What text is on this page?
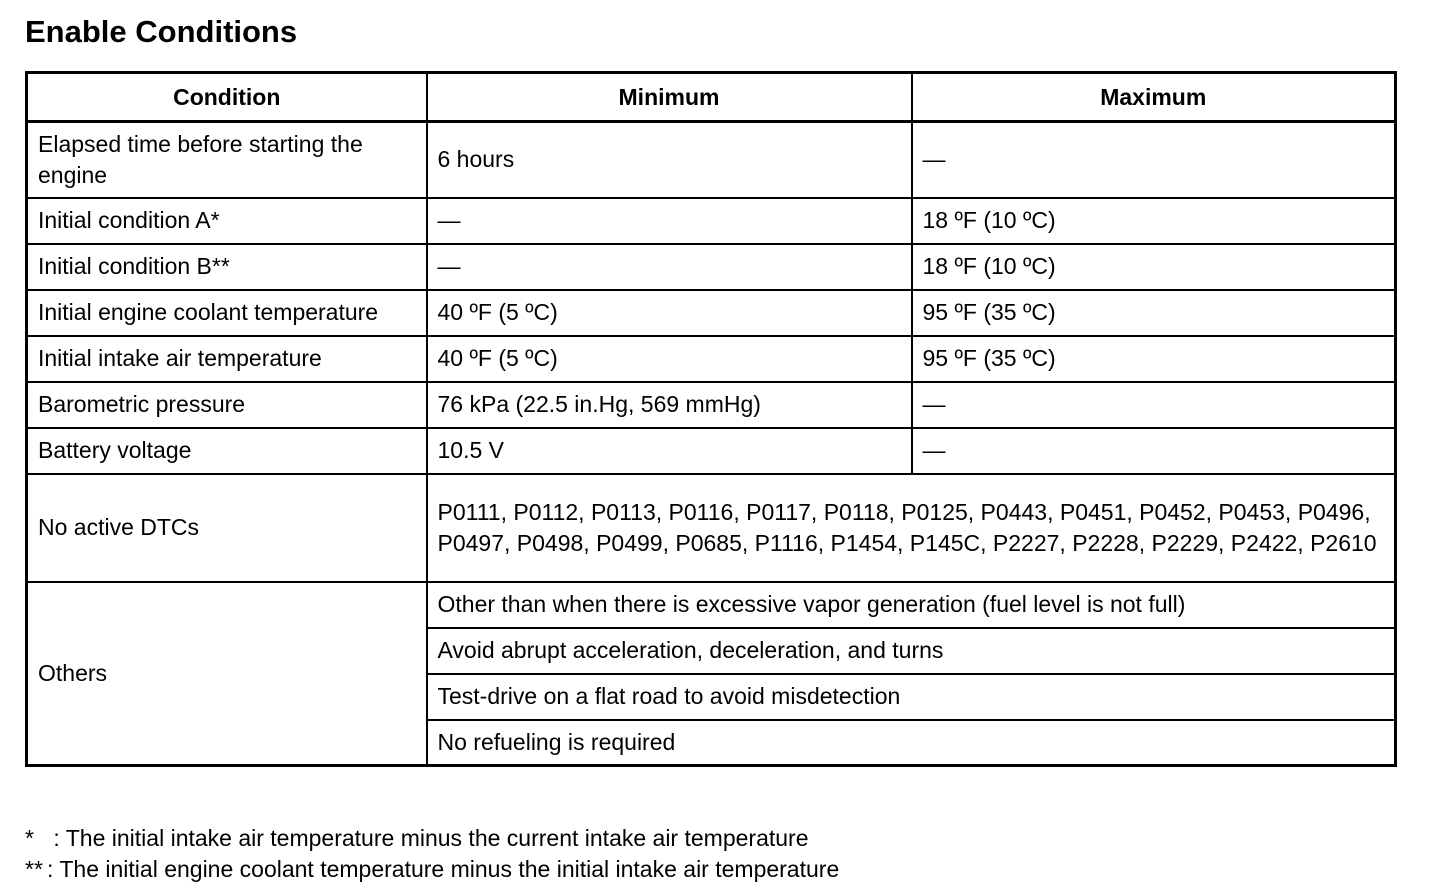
Enable Conditions
Condition	Minimum	Maximum
Elapsed time before starting the engine	6 hours	—
Initial condition A*	—	18 ºF (10 ºC)
Initial condition B**	—	18 ºF (10 ºC)
Initial engine coolant temperature	40 ºF (5 ºC)	95 ºF (35 ºC)
Initial intake air temperature	40 ºF (5 ºC)	95 ºF (35 ºC)
Barometric pressure	76 kPa (22.5 in.Hg, 569 mmHg)	—
Battery voltage	10.5 V	—
No active DTCs	P0111, P0112, P0113, P0116, P0117, P0118, P0125, P0443, P0451, P0452, P0453, P0496, P0497, P0498, P0499, P0685, P1116, P1454, P145C, P2227, P2228, P2229, P2422, P2610	
Others	Other than when there is excessive vapor generation (fuel level is not full)	
	Avoid abrupt acceleration, deceleration, and turns	
	Test-drive on a flat road to avoid misdetection	
	No refueling is required	
* : The initial intake air temperature minus the current intake air temperature
** : The initial engine coolant temperature minus the initial intake air temperature
